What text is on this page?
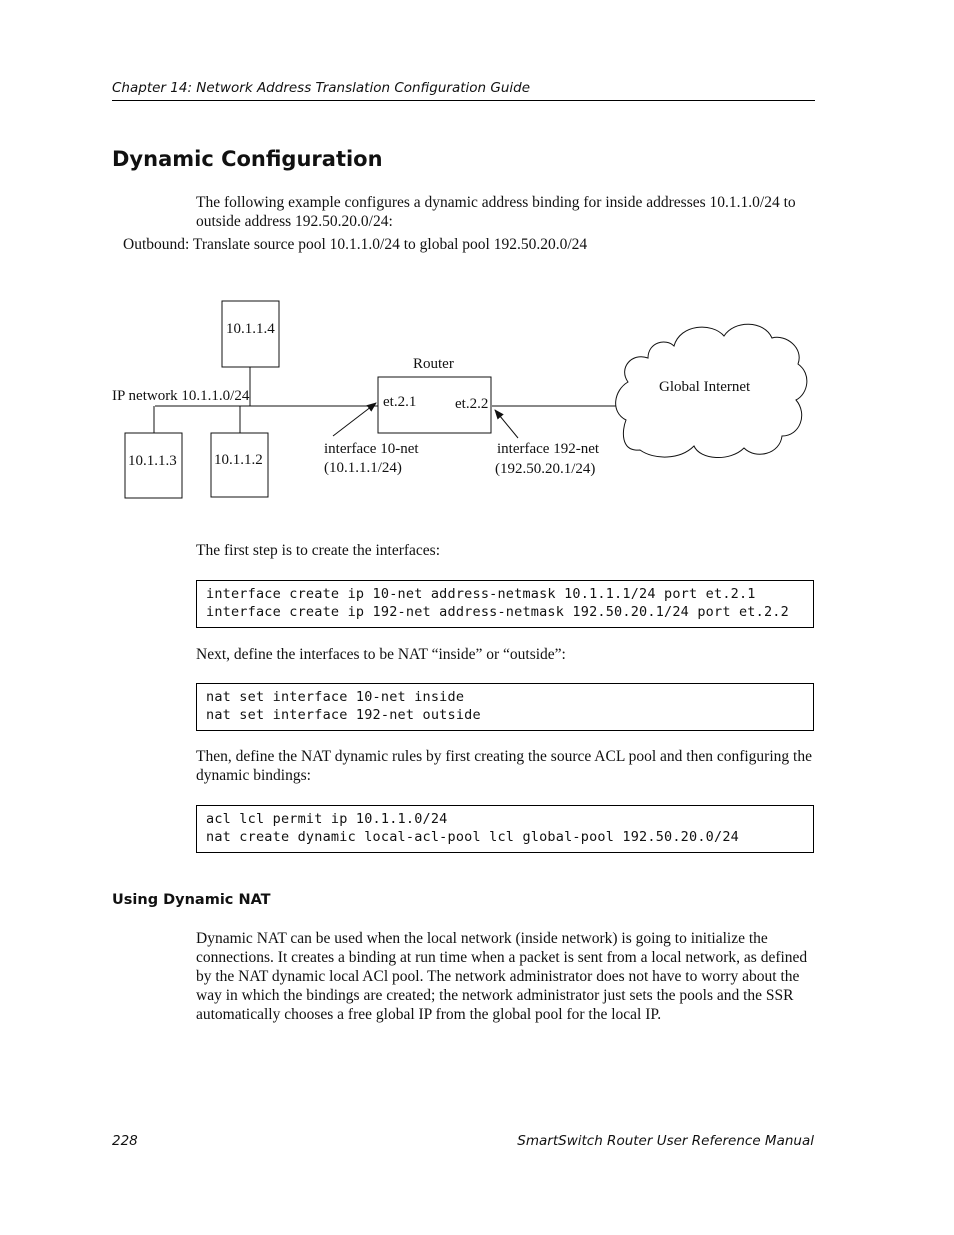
Chapter 14: Network Address Translation Configuration Guide
Dynamic Configuration

The following example configures a dynamic address binding for inside addresses 10.1.1.0/24 to outside address 192.50.20.0/24:

Outbound: Translate source pool 10.1.1.0/24 to global pool 192.50.20.0/24

10.1.1.4
10.1.1.3 10.1.1.2
IP network 10.1.1.0/24
Router
et.2.1	et.2.2
interface 10-net
(10.1.1.1/24)
interface 192-net
(192.50.20.1/24)
Global Internet

The first step is to create the interfaces:

interface create ip 10-net address-netmask 10.1.1.1/24 port et.2.1
interface create ip 192-net address-netmask 192.50.20.1/24 port et.2.2

Next, define the interfaces to be NAT “inside” or “outside”:

nat set interface 10-net inside
nat set interface 192-net outside

Then, define the NAT dynamic rules by first creating the source ACL pool and then configuring the dynamic bindings:

acl lcl permit ip 10.1.1.0/24
nat create dynamic local-acl-pool lcl global-pool 192.50.20.0/24
Using Dynamic NAT

Dynamic NAT can be used when the local network (inside network) is going to initialize the connections. It creates a binding at run time when a packet is sent from a local network, as defined by the NAT dynamic local ACl pool. The network administrator does not have to worry about the way in which the bindings are created; the network administrator just sets the pools and the SSR automatically chooses a free global IP from the global pool for the local IP.

228	SmartSwitch Router User Reference Manual
